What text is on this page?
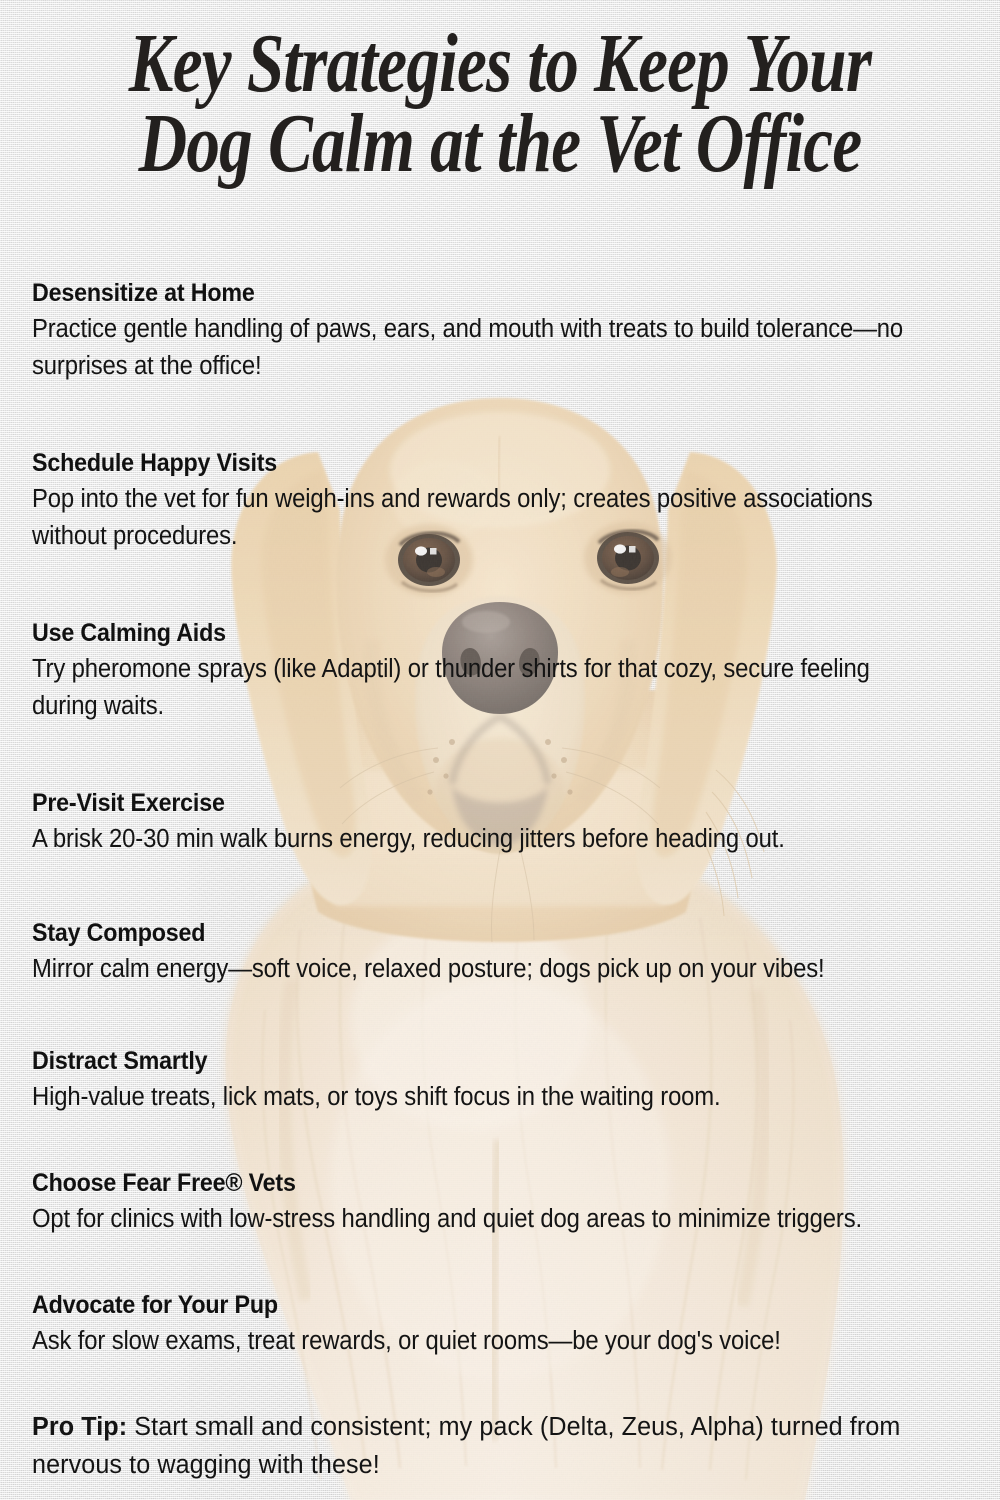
Key Strategies to Keep Your
Dog Calm at the Vet Office
Desensitize at Home
Practice gentle handling of paws, ears, and mouth with treats to build tolerance—no surprises at the office!
Schedule Happy Visits
Pop into the vet for fun weigh-ins and rewards only; creates positive associations without procedures.
Use Calming Aids
Try pheromone sprays (like Adaptil) or thunder shirts for that cozy, secure feeling during waits.
Pre-Visit Exercise
A brisk 20-30 min walk burns energy, reducing jitters before heading out.
Stay Composed
Mirror calm energy—soft voice, relaxed posture; dogs pick up on your vibes!
Distract Smartly
High-value treats, lick mats, or toys shift focus in the waiting room.
Choose Fear Free® Vets
Opt for clinics with low-stress handling and quiet dog areas to minimize triggers.
Advocate for Your Pup
Ask for slow exams, treat rewards, or quiet rooms—be your dog's voice!
Pro Tip: Start small and consistent; my pack (Delta, Zeus, Alpha) turned from nervous to wagging with these!
